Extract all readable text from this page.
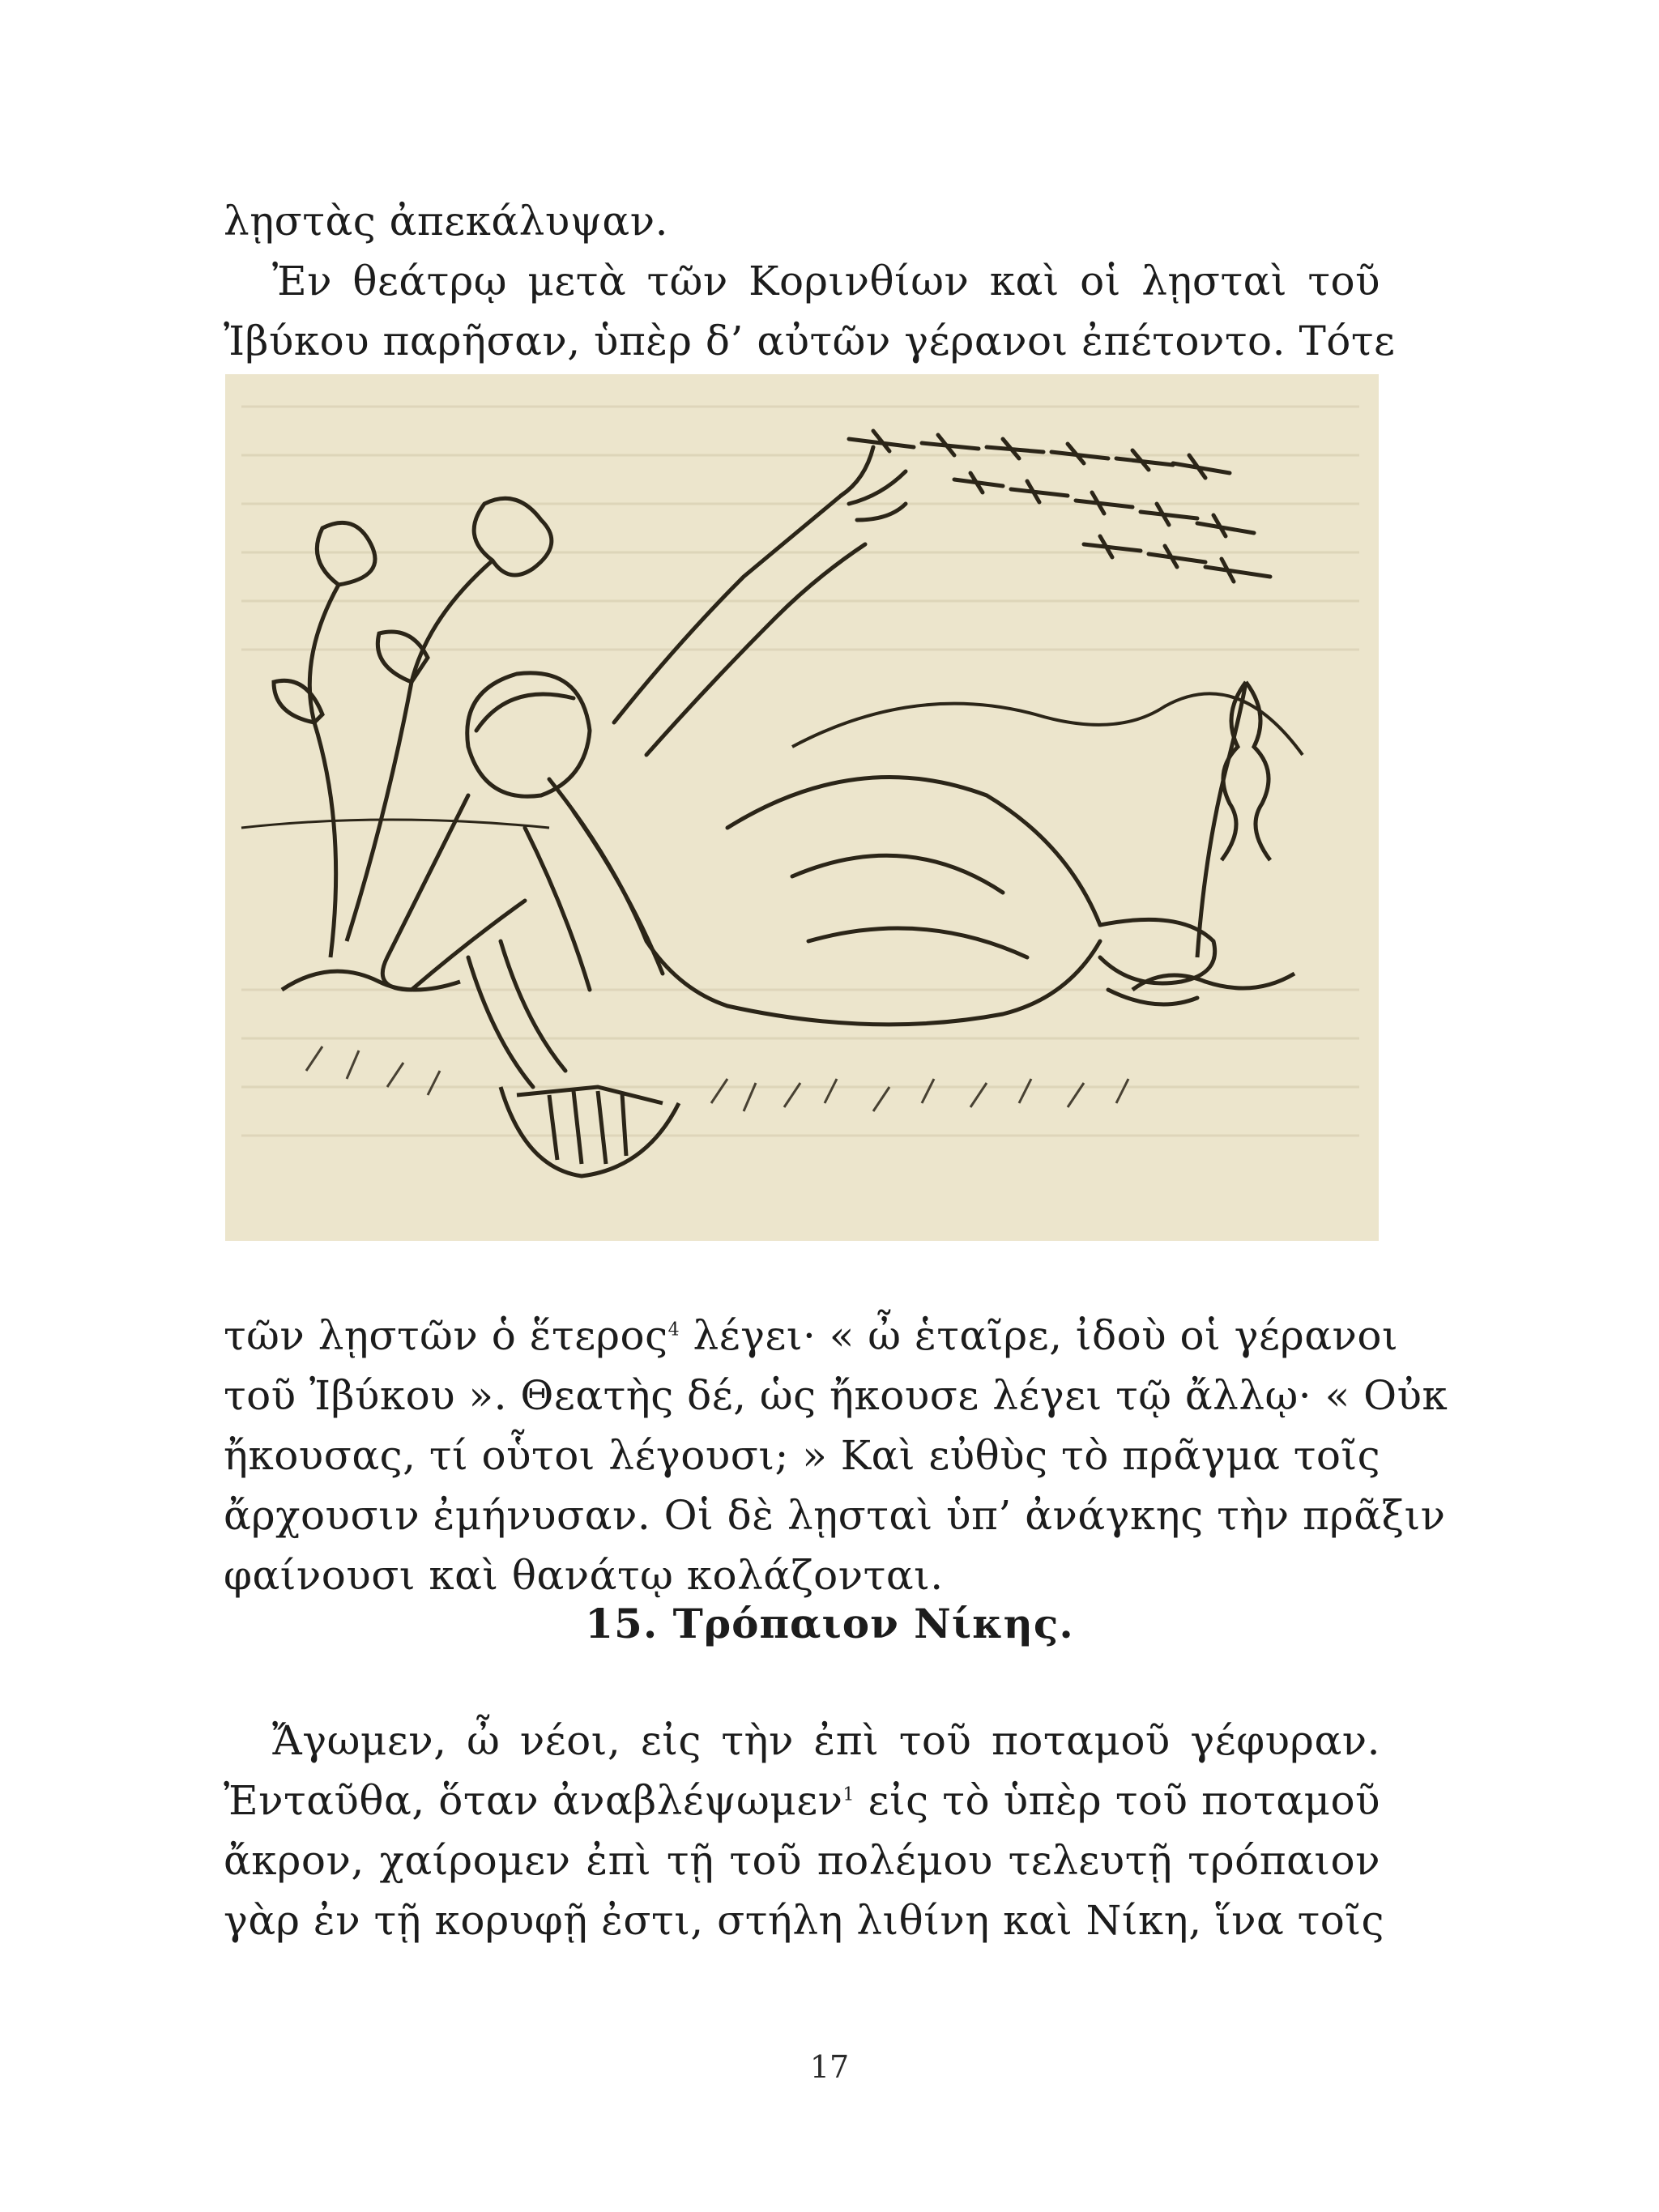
λῃστὰς ἀπεκάλυψαν.
Ἐν θεάτρῳ μετὰ τῶν Κορινθίων καὶ οἱ λῃσταὶ τοῦ
Ἰβύκου παρῆσαν, ὑπὲρ δ’ αὐτῶν γέρανοι ἐπέτοντο. Τότε
τῶν λῃστῶν ὁ ἕτερος$^4$ λέγει· « ὦ ἑταῖρε, ἰδοὺ οἱ γέρανοι
τοῦ Ἰβύκου ». Θεατὴς δέ, ὡς ἤκουσε λέγει τῷ ἄλλῳ· « Οὐκ
ἤκουσας, τί οὗτοι λέγουσι; » Καὶ εὐθὺς τὸ πρᾶγμα τοῖς
ἄρχουσιν ἐμήνυσαν. Οἱ δὲ λῃσταὶ ὑπ’ ἀνάγκης τὴν πρᾶξιν
φαίνουσι καὶ θανάτῳ κολάζονται.
15. Τρόπαιον Νίκης.
Ἄγωμεν, ὦ νέοι, εἰς τὴν ἐπὶ τοῦ ποταμοῦ γέφυραν.
Ἐνταῦθα, ὅταν ἀναβλέψωμεν$^1$ εἰς τὸ ὑπὲρ τοῦ ποταμοῦ
ἄκρον, χαίρομεν ἐπὶ τῇ τοῦ πολέμου τελευτῇ τρόπαιον
γὰρ ἐν τῇ κορυφῇ ἐστι, στήλη λιθίνη καὶ Νίκη, ἵνα τοῖς
17
